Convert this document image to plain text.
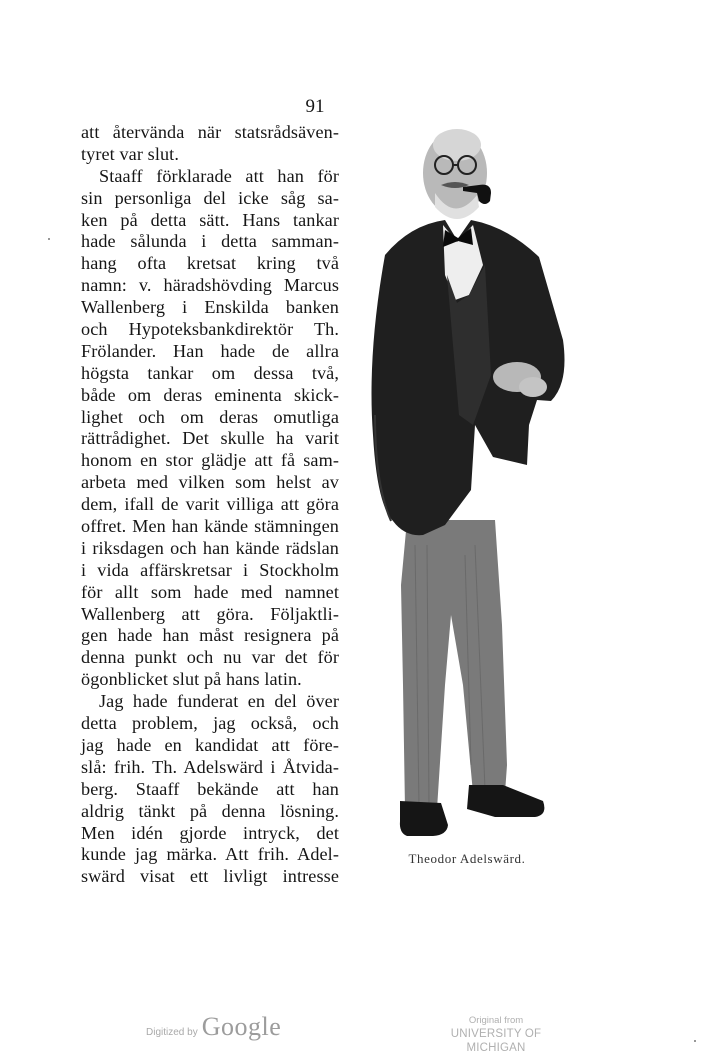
91
att återvända när statsrådsäven-
tyret var slut.
Staaff förklarade att han för
sin personliga del icke såg sa-
ken på detta sätt. Hans tankar
hade sålunda i detta samman-
hang ofta kretsat kring två
namn: v. häradshövding Marcus
Wallenberg i Enskilda banken
och Hypoteksbankdirektör Th.
Frölander. Han hade de allra
högsta tankar om dessa två,
både om deras eminenta skick-
lighet och om deras omutliga
rättrådighet. Det skulle ha varit
honom en stor glädje att få sam-
arbeta med vilken som helst av
dem, ifall de varit villiga att göra
offret. Men han kände stämningen
i riksdagen och han kände rädslan
i vida affärskretsar i Stockholm
för allt som hade med namnet
Wallenberg att göra. Följaktli-
gen hade han måst resignera på
denna punkt och nu var det för
ögonblicket slut på hans latin.
Jag hade funderat en del över
detta problem, jag också, och
jag hade en kandidat att före-
slå: frih. Th. Adelswärd i Åtvida-
berg. Staaff bekände att han
aldrig tänkt på denna lösning.
Men idén gjorde intryck, det
kunde jag märka. Att frih. Adel-
swärd visat ett livligt intresse
Theodor Adelswärd.
Digitized by Google	Original from
UNIVERSITY OF MICHIGAN
